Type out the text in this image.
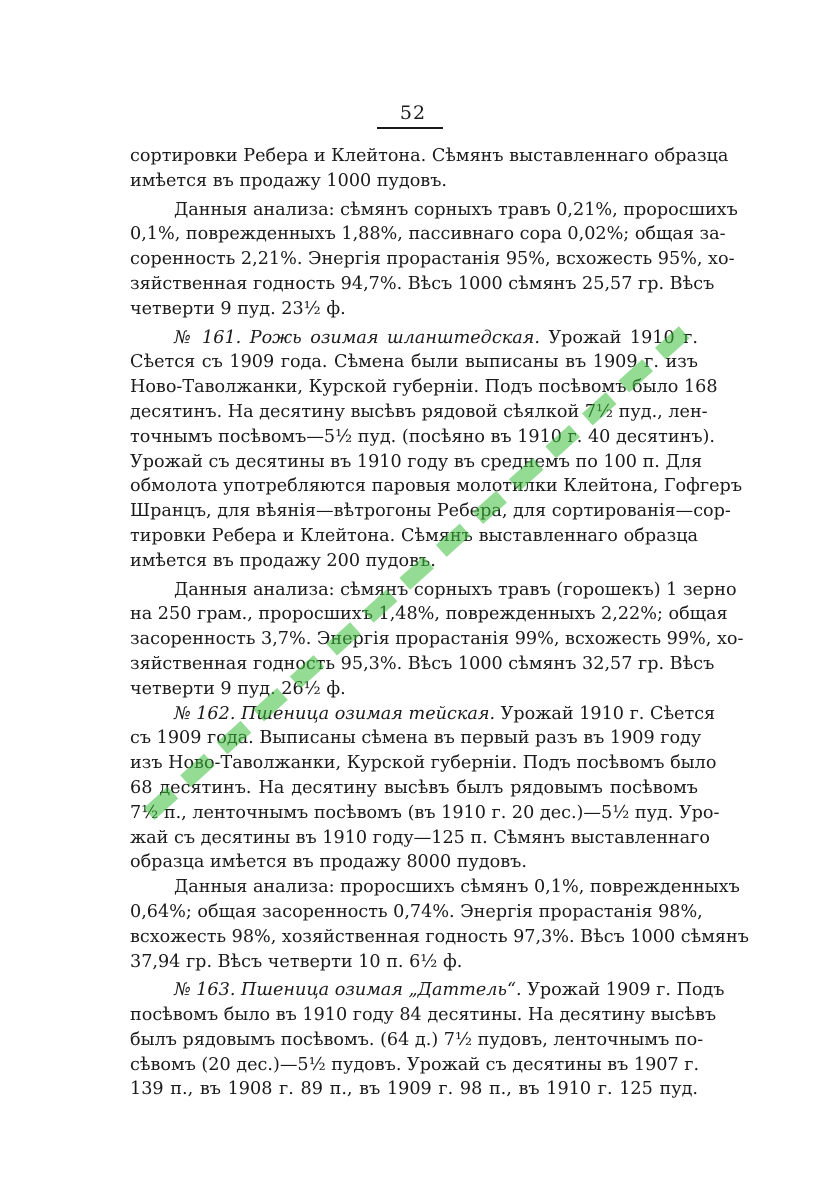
52
сортировки Ребера и Клейтона. Сѣмянъ выставленнаго образца
имѣется въ продажу 1000 пудовъ.
Данныя анализа: сѣмянъ сорныхъ травъ 0,21%, проросшихъ
0,1%, поврежденныхъ 1,88%, пассивнаго сора 0,02%; общая за-
соренность 2,21%. Энергія прорастанія 95%, всхожесть 95%, хо-
зяйственная годность 94,7%. Вѣсъ 1000 сѣмянъ 25,57 гр. Вѣсъ
четверти 9 пуд. 23½ ф.
№ 161. Рожь озимая шланштедская. Урожай 1910 г.
Сѣется съ 1909 года. Сѣмена были выписаны въ 1909 г. изъ
Ново-Таволжанки, Курской губерніи. Подъ посѣвомъ было 168
десятинъ. На десятину высѣвъ рядовой сѣялкой 7½ пуд., лен-
точнымъ посѣвомъ—5½ пуд. (посѣяно въ 1910 г. 40 десятинъ).
Урожай съ десятины въ 1910 году въ среднемъ по 100 п. Для
обмолота употребляются паровыя молотилки Клейтона, Гофгеръ
Шранцъ, для вѣянія—вѣтрогоны Ребера, для сортированія—сор-
тировки Ребера и Клейтона. Сѣмянъ выставленнаго образца
имѣется въ продажу 200 пудовъ.
Данныя анализа: сѣмянъ сорныхъ травъ (горошекъ) 1 зерно
на 250 грам., проросшихъ 1,48%, поврежденныхъ 2,22%; общая
засоренность 3,7%. Энергія прорастанія 99%, всхожесть 99%, хо-
зяйственная годность 95,3%. Вѣсъ 1000 сѣмянъ 32,57 гр. Вѣсъ
четверти 9 пуд. 26½ ф.
№ 162. Пшеница озимая тейская. Урожай 1910 г. Сѣется
съ 1909 года. Выписаны сѣмена въ первый разъ въ 1909 году
изъ Ново-Таволжанки, Курской губерніи. Подъ посѣвомъ было
68 десятинъ. На десятину высѣвъ былъ рядовымъ посѣвомъ
7½ п., ленточнымъ посѣвомъ (въ 1910 г. 20 дес.)—5½ пуд. Уро-
жай съ десятины въ 1910 году—125 п. Сѣмянъ выставленнаго
образца имѣется въ продажу 8000 пудовъ.
Данныя анализа: проросшихъ сѣмянъ 0,1%, поврежденныхъ
0,64%; общая засоренность 0,74%. Энергія прорастанія 98%,
всхожесть 98%, хозяйственная годность 97,3%. Вѣсъ 1000 сѣмянъ
37,94 гр. Вѣсъ четверти 10 п. 6½ ф.
№ 163. Пшеница озимая „Даттель“. Урожай 1909 г. Подъ
посѣвомъ было въ 1910 году 84 десятины. На десятину высѣвъ
былъ рядовымъ посѣвомъ. (64 д.) 7½ пудовъ, ленточнымъ по-
сѣвомъ (20 дес.)—5½ пудовъ. Урожай съ десятины въ 1907 г.
139 п., въ 1908 г. 89 п., въ 1909 г. 98 п., въ 1910 г. 125 пуд.
